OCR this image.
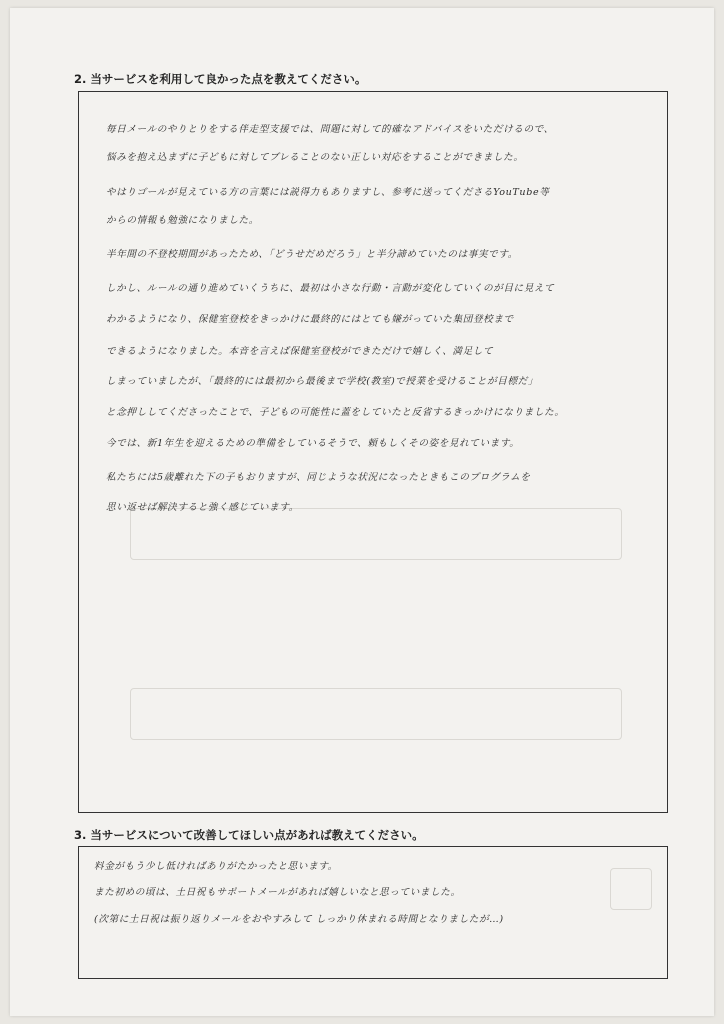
2. 当サービスを利用して良かった点を教えてください。
毎日メールのやりとりをする伴走型支援では、問題に対して的確なアドバイスをいただけるので、
悩みを抱え込まずに子どもに対してブレることのない正しい対応をすることができました。
やはりゴールが見えている方の言葉には説得力もありますし、参考に送ってくださるYouTube等
からの情報も勉強になりました。
半年間の不登校期間があったため、「どうせだめだろう」と半分諦めていたのは事実です。
しかし、ルールの通り進めていくうちに、最初は小さな行動・言動が変化していくのが目に見えて
わかるようになり、保健室登校をきっかけに最終的にはとても嫌がっていた集団登校まで
できるようになりました。本音を言えば保健室登校ができただけで嬉しく、満足して
しまっていましたが、「最終的には最初から最後まで学校(教室)で授業を受けることが目標だ」
と念押ししてくださったことで、子どもの可能性に蓋をしていたと反省するきっかけになりました。
今では、新1年生を迎えるための準備をしているそうで、頼もしくその姿を見れています。
私たちには5歳離れた下の子もおりますが、同じような状況になったときもこのプログラムを
思い返せば解決すると強く感じています。
3. 当サービスについて改善してほしい点があれば教えてください。
料金がもう少し低ければありがたかったと思います。
また初めの頃は、土日祝もサポートメールがあれば嬉しいなと思っていました。
(次第に土日祝は振り返りメールをおやすみして しっかり休まれる時間となりましたが…)
